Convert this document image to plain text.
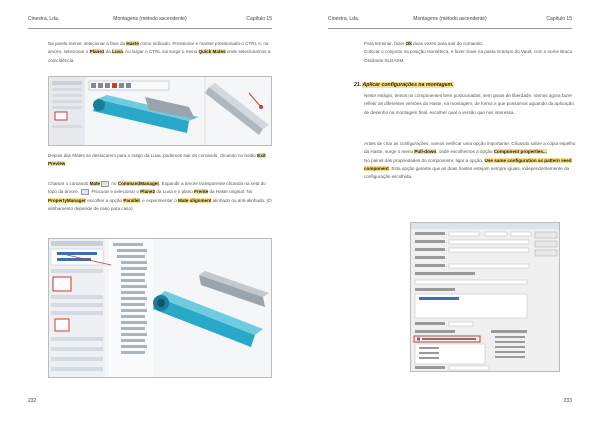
Cinestra, Lda.	Montagens (método ascendente)	Capítulo 15
Na janela menor, selecionar a face da Haste como indicado. Pressionar e manter pressionado o CTRL e, na árvore, selecionar o Plane1 da Luva. Ao largar o CTRL vai surgir o menu Quick Mates onde selecionamos a coincidência.
Depois das Mates se deslocarem para o rasgo da Luva, podemos sair do comando, clicando no botão Exit Preview.
Chamar o comando Mate no CommandManager. Expandir a árvore transparente clicando na seta do topo da árvore.  Procurar e selecionar o Plane2 da Luva e o plano Frente da Haste original. No PropertyManager escolher a opção Parallel, e experimentar o Mate alignment alinhado ou anti-alinhado. (O alinhamento depende de caso para caso)
232
Cinestra, Lda.	Montagens (método ascendente)	Capítulo 15
Para terminar, fazer Ok duas vezes para sair do comando.
Colocar o conjunto na posição Isométrica, e fazer Save na pasta Grampo do Vault, com o nome Braco Oscilante SLDASM.
21. Aplicar configurações na montagem.
Neste estágio, temos os componentes bem posicionados, sem graus de liberdade. Vamos agora fazer refletir as diferentes versões da Haste, na montagem, de forma a que possamos aquando da aplicação de desenho na montagem final, escolher qual a versão que nos interessa.
Antes de criar as configurações, vamos verificar uma opção importante. Clicando sobre a cópia espelho da Haste, surge o menu Pull-down, onde escolhemos a opção Component properties...
No painel das propriedades do componente, ligar a opção, Use same configuration as pattern seed component. Esta opção garante que as duas hastes estejam sempre iguais, independentemente da configuração escolhida.
233
